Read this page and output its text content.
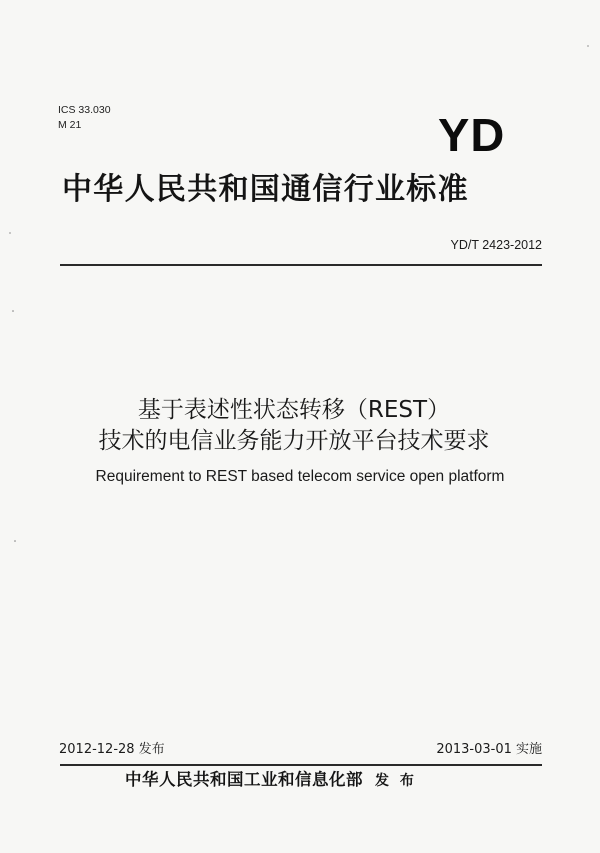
ICS 33.030
M 21	YD
中华人民共和国通信行业标准
YD/T 2423-2012
基于表述性状态转移（REST）
技术的电信业务能力开放平台技术要求
Requirement to REST based telecom service open platform
2012-12-28 发布	2013-03-01 实施
中华人民共和国工业和信息化部 发 布
